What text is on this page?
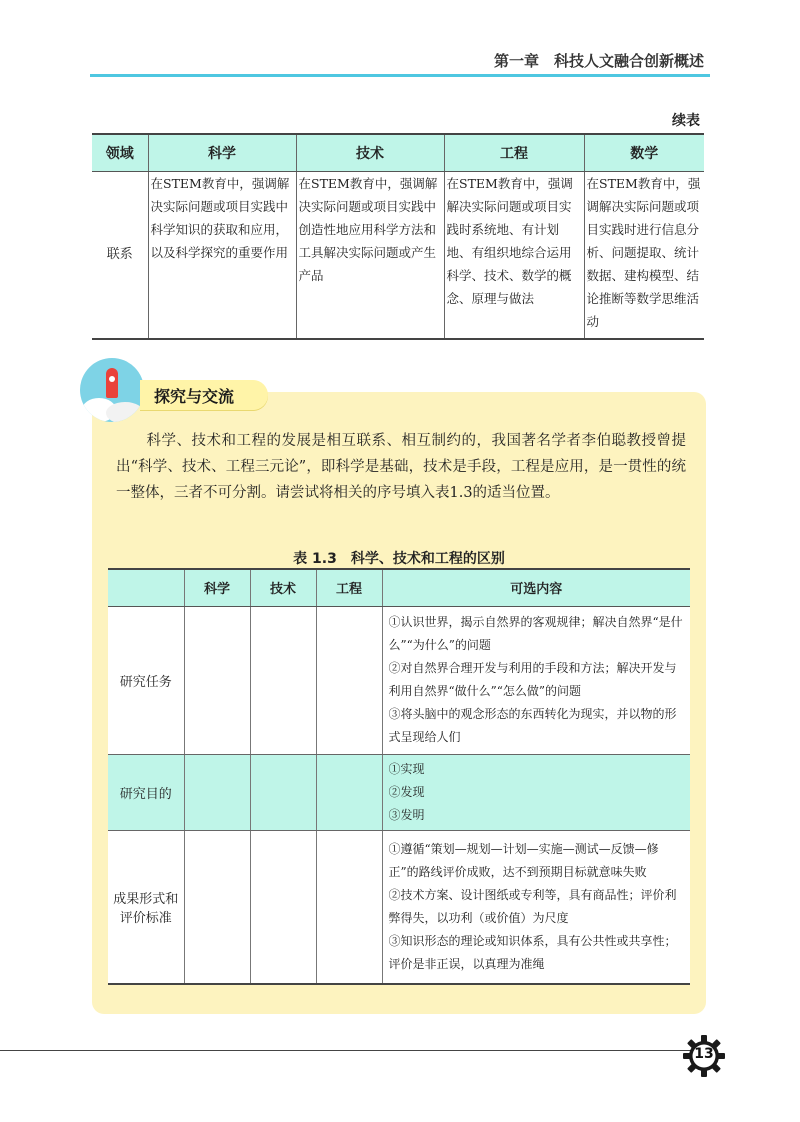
第一章　科技人文融合创新概述
续表
领域	科学	技术	工程	数学
联系	在STEM教育中，强调解决实际问题或项目实践中科学知识的获取和应用，以及科学探究的重要作用	在STEM教育中，强调解决实际问题或项目实践中创造性地应用科学方法和工具解决实际问题或产生产品	在STEM教育中，强调解决实际问题或项目实践时系统地、有计划地、有组织地综合运用科学、技术、数学的概念、原理与做法	在STEM教育中，强调解决实际问题或项目实践时进行信息分析、问题提取、统计数据、建构模型、结论推断等数学思维活动
探究与交流
科学、技术和工程的发展是相互联系、相互制约的，我国著名学者李伯聪教授曾提出“科学、技术、工程三元论”，即科学是基础，技术是手段，工程是应用，是一贯性的统一整体，三者不可分割。请尝试将相关的序号填入表1.3的适当位置。
表 1.3　科学、技术和工程的区别
	科学	技术	工程	可选内容
研究任务				①认识世界，揭示自然界的客观规律；解决自然界“是什么”“为什么”的问题
②对自然界合理开发与利用的手段和方法；解决开发与利用自然界“做什么”“怎么做”的问题
③将头脑中的观念形态的东西转化为现实，并以物的形式呈现给人们

研究目的				①实现
②发现
③发明

成果形式和评价标准				①遵循“策划—规划—计划—实施—测试—反馈—修正”的路线评价成败，达不到预期目标就意味失败
②技术方案、设计图纸或专利等，具有商品性；评价利弊得失，以功利（或价值）为尺度
③知识形态的理论或知识体系，具有公共性或共享性；评价是非正误，以真理为准绳
13
